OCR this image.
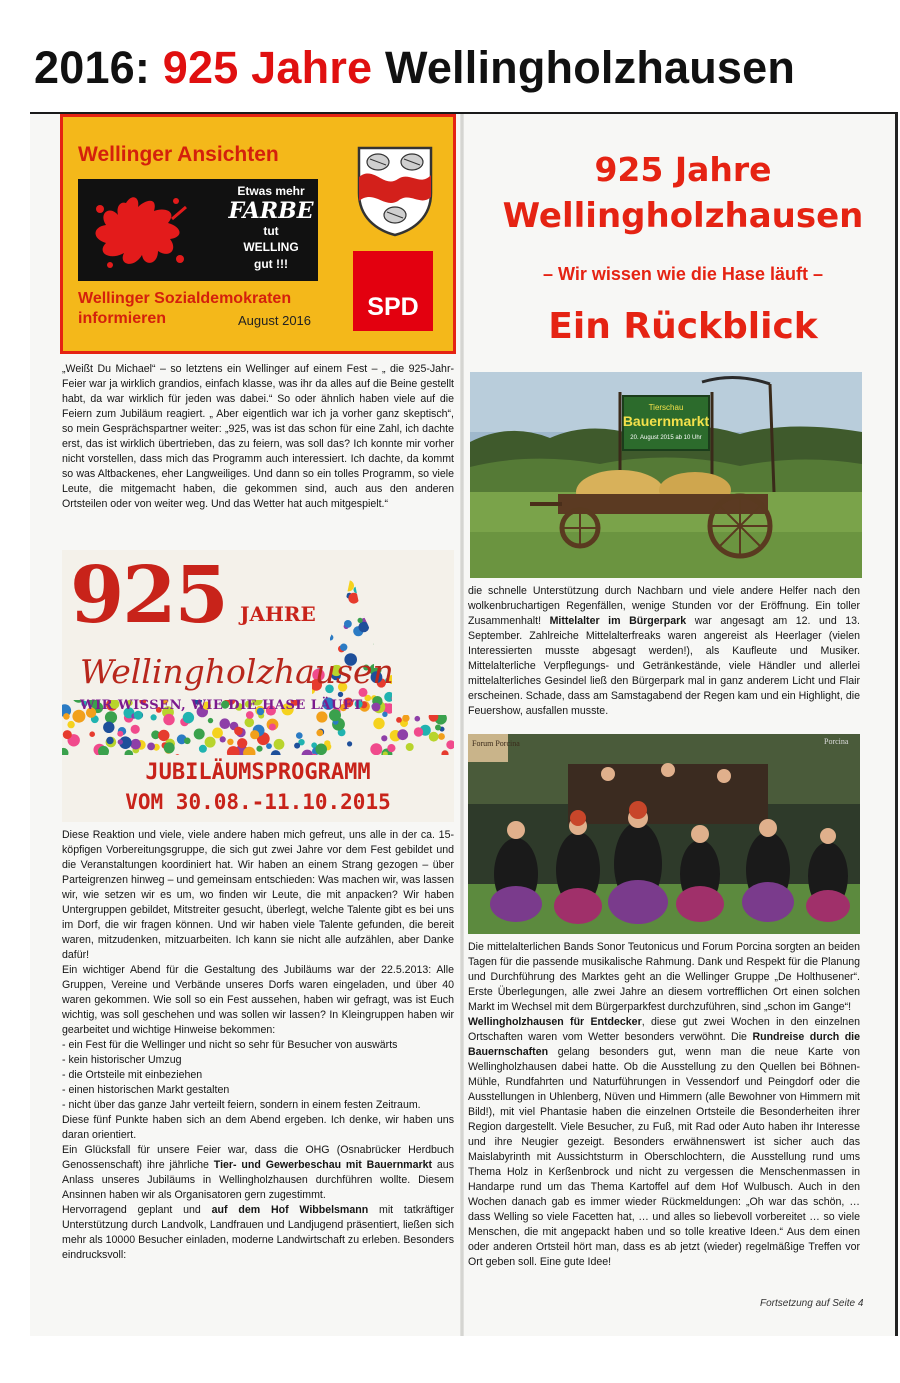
2016: 925 Jahre Wellingholzhausen
Wellinger Ansichten
Etwas mehr
FARBE
tut
WELLING
gut !!!
Wellinger Sozialdemokraten
informieren	August 2016	SPD
925 Jahre
Wellingholzhausen
– Wir wissen wie die Hase läuft –
Ein Rückblick

„Weißt Du Michael“ – so letztens ein Wellinger auf einem Fest – „ die 925-Jahr-Feier war ja wirklich grandios, einfach klasse, was ihr da alles auf die Beine gestellt habt, da war wirklich für jeden was dabei.“ So oder ähnlich haben viele auf die Feiern zum Jubiläum reagiert. „ Aber eigentlich war ich ja vorher ganz skeptisch“, so mein Gesprächspartner weiter: „925, was ist das schon für eine Zahl, ich dachte erst, das ist wirklich übertrieben, das zu feiern, was soll das? Ich konnte mir vorher nicht vorstellen, dass mich das Programm auch interessiert. Ich dachte, da kommt so was Altbackenes, eher Langweiliges. Und dann so ein tolles Programm, so viele Leute, die mitgemacht haben, die gekommen sind, auch aus den anderen Ortsteilen oder von weiter weg. Und das Wetter hat auch mitgespielt.“

925 JAHRE
Wellingholzhausen
WIR WISSEN, WIE DIE HASE LÄUFT
JUBILÄUMSPROGRAMM
VOM 30.08.-11.10.2015

Diese Reaktion und viele, viele andere haben mich gefreut, uns alle in der ca. 15-köpfigen Vorbereitungsgruppe, die sich gut zwei Jahre vor dem Fest gebildet und die Veranstaltungen koordiniert hat. Wir haben an einem Strang gezogen – über Parteigrenzen hinweg – und gemeinsam entschieden: Was machen wir, was lassen wir, wie setzen wir es um, wo finden wir Leute, die mit anpacken? Wir haben Untergruppen gebildet, Mitstreiter gesucht, überlegt, welche Talente gibt es bei uns im Dorf, die wir fragen können. Und wir haben viele Talente gefunden, die bereit waren, mitzudenken, mitzuarbeiten. Ich kann sie nicht alle aufzählen, aber Danke dafür!

Ein wichtiger Abend für die Gestaltung des Jubiläums war der 22.5.2013: Alle Gruppen, Vereine und Verbände unseres Dorfs waren eingeladen, und über 40 waren gekommen. Wie soll so ein Fest aussehen, haben wir gefragt, was ist Euch wichtig, was soll geschehen und was sollen wir lassen? In Kleingruppen haben wir gearbeitet und wichtige Hinweise bekommen:

- ein Fest für die Wellinger und nicht so sehr für Besucher von auswärts

- kein historischer Umzug

- die Ortsteile mit einbeziehen

- einen historischen Markt gestalten

- nicht über das ganze Jahr verteilt feiern, sondern in einem festen Zeitraum.

Diese fünf Punkte haben sich an dem Abend ergeben. Ich denke, wir haben uns daran orientiert.

Ein Glücksfall für unsere Feier war, dass die OHG (Osnabrücker Herdbuch Genossenschaft) ihre jährliche Tier- und Gewerbeschau mit Bauernmarkt aus Anlass unseres Jubiläums in Wellingholzhausen durchführen wollte. Diesem Ansinnen haben wir als Organisatoren gern zugestimmt.

Hervorragend geplant und auf dem Hof Wibbelsmann mit tatkräftiger Unterstützung durch Landvolk, Landfrauen und Landjugend präsentiert, ließen sich mehr als 10000 Besucher einladen, moderne Landwirtschaft zu erleben. Besonders eindrucksvoll:

Tierschau
Bauernmarkt
20. August 2015 ab 10 Uhr

die schnelle Unterstützung durch Nachbarn und viele andere Helfer nach den wolkenbruchartigen Regenfällen, wenige Stunden vor der Eröffnung. Ein toller Zusammenhalt! Mittelalter im Bürgerpark war angesagt am 12. und 13. September. Zahlreiche Mittelalterfreaks waren angereist als Heerlager (vielen Interessierten musste abgesagt werden!), als Kaufleute und Musiker. Mittelalterliche Verpflegungs- und Getränkestände, viele Händler und allerlei mittelalterliches Gesindel ließ den Bürgerpark mal in ganz anderem Licht und Flair erscheinen. Schade, dass am Samstagabend der Regen kam und ein Highlight, die Feuershow, ausfallen musste.

Forum Porcina	Porcina

Die mittelalterlichen Bands Sonor Teutonicus und Forum Porcina sorgten an beiden Tagen für die passende musikalische Rahmung. Dank und Respekt für die Planung und Durchführung des Marktes geht an die Wellinger Gruppe „De Holthusener“. Erste Überlegungen, alle zwei Jahre an diesem vortrefflichen Ort einen solchen Markt im Wechsel mit dem Bürgerparkfest durchzuführen, sind „schon im Gange“!

Wellingholzhausen für Entdecker, diese gut zwei Wochen in den einzelnen Ortschaften waren vom Wetter besonders verwöhnt. Die Rundreise durch die Bauernschaften gelang besonders gut, wenn man die neue Karte von Wellingholzhausen dabei hatte. Ob die Ausstellung zu den Quellen bei Böhnen-Mühle, Rundfahrten und Naturführungen in Vessendorf und Peingdorf oder die Ausstellungen in Uhlenberg, Nüven und Himmern (alle Bewohner von Himmern mit Bild!), mit viel Phantasie haben die einzelnen Ortsteile die Besonderheiten ihrer Region dargestellt. Viele Besucher, zu Fuß, mit Rad oder Auto haben ihr Interesse und ihre Neugier gezeigt. Besonders erwähnenswert ist sicher auch das Maislabyrinth mit Aussichtsturm in Oberschlochtern, die Ausstellung rund ums Thema Holz in Kerßenbrock und nicht zu vergessen die Menschenmassen in Handarpe rund um das Thema Kartoffel auf dem Hof Wulbusch. Auch in den Wochen danach gab es immer wieder Rückmeldungen: „Oh war das schön, … dass Welling so viele Facetten hat, … und alles so liebevoll vorbereitet … so viele Menschen, die mit angepackt haben und so tolle kreative Ideen.“ Aus dem einen oder anderen Ortsteil hört man, dass es ab jetzt (wieder) regelmäßige Treffen vor Ort geben soll. Eine gute Idee!

Fortsetzung auf Seite 4
